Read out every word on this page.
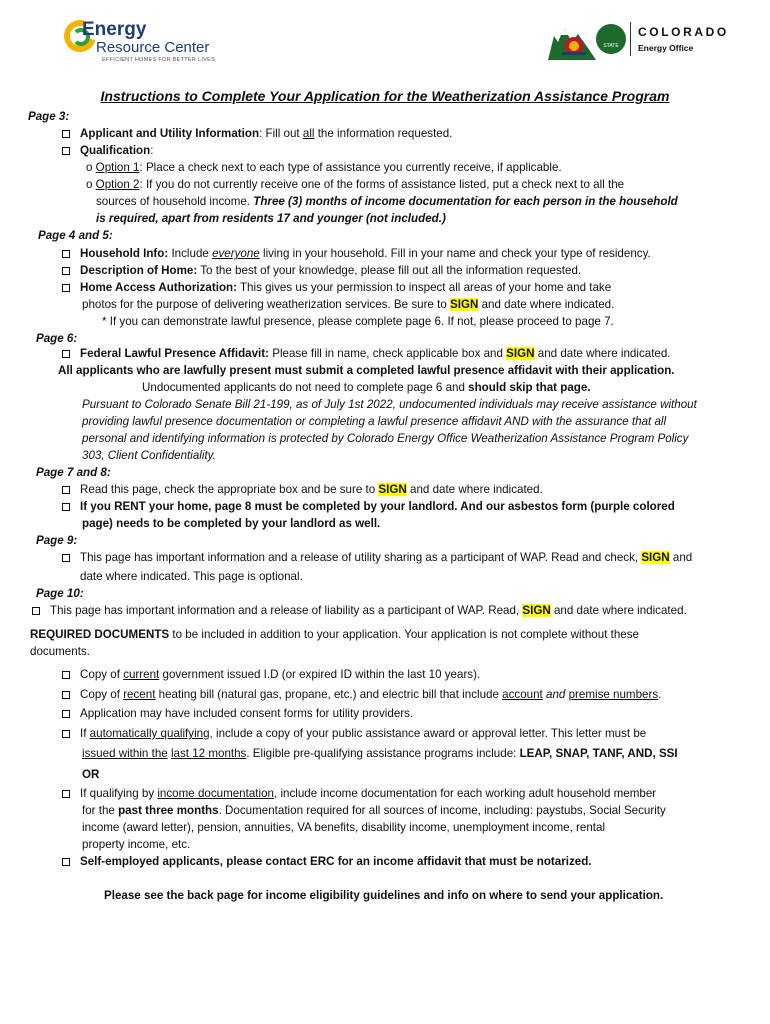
Energy
Resource Center
EFFICIENT HOMES FOR BETTER LIVES
STATE
COLORADO
Energy Office
Instructions to Complete Your Application for the Weatherization Assistance Program
Page 3:
Applicant and Utility Information: Fill out all the information requested.
Qualification:
o Option 1: Place a check next to each type of assistance you currently receive, if applicable.
o Option 2: If you do not currently receive one of the forms of assistance listed, put a check next to all the
sources of household income. Three (3) months of income documentation for each person in the household
is required, apart from residents 17 and younger (not included.)
Page 4 and 5:
Household Info: Include everyone living in your household. Fill in your name and check your type of residency.
Description of Home: To the best of your knowledge, please fill out all the information requested.
Home Access Authorization: This gives us your permission to inspect all areas of your home and take
photos for the purpose of delivering weatherization services. Be sure to SIGN and date where indicated.
* If you can demonstrate lawful presence, please complete page 6. If not, please proceed to page 7.
Page 6:
Federal Lawful Presence Affidavit: Please fill in name, check applicable box and SIGN and date where indicated.
All applicants who are lawfully present must submit a completed lawful presence affidavit with their application.
Undocumented applicants do not need to complete page 6 and should skip that page.
Pursuant to Colorado Senate Bill 21-199, as of July 1st 2022, undocumented individuals may receive assistance without
providing lawful presence documentation or completing a lawful presence affidavit AND with the assurance that all
personal and identifying information is protected by Colorado Energy Office Weatherization Assistance Program Policy
303, Client Confidentiality.
Page 7 and 8:
Read this page, check the appropriate box and be sure to SIGN and date where indicated.
If you RENT your home, page 8 must be completed by your landlord. And our asbestos form (purple colored
page) needs to be completed by your landlord as well.
Page 9:
This page has important information and a release of utility sharing as a participant of WAP. Read and check, SIGN and
date where indicated. This page is optional.
Page 10:
This page has important information and a release of liability as a participant of WAP. Read, SIGN and date where indicated.
REQUIRED DOCUMENTS to be included in addition to your application. Your application is not complete without these
documents.
Copy of current government issued I.D (or expired ID within the last 10 years).
Copy of recent heating bill (natural gas, propane, etc.) and electric bill that include account and premise numbers.
Application may have included consent forms for utility providers.
If automatically qualifying, include a copy of your public assistance award or approval letter. This letter must be
issued within the last 12 months. Eligible pre-qualifying assistance programs include: LEAP, SNAP, TANF, AND, SSI
OR
If qualifying by income documentation, include income documentation for each working adult household member
for the past three months. Documentation required for all sources of income, including: paystubs, Social Security
income (award letter), pension, annuities, VA benefits, disability income, unemployment income, rental
property income, etc.
Self-employed applicants, please contact ERC for an income affidavit that must be notarized.
Please see the back page for income eligibility guidelines and info on where to send your application.
